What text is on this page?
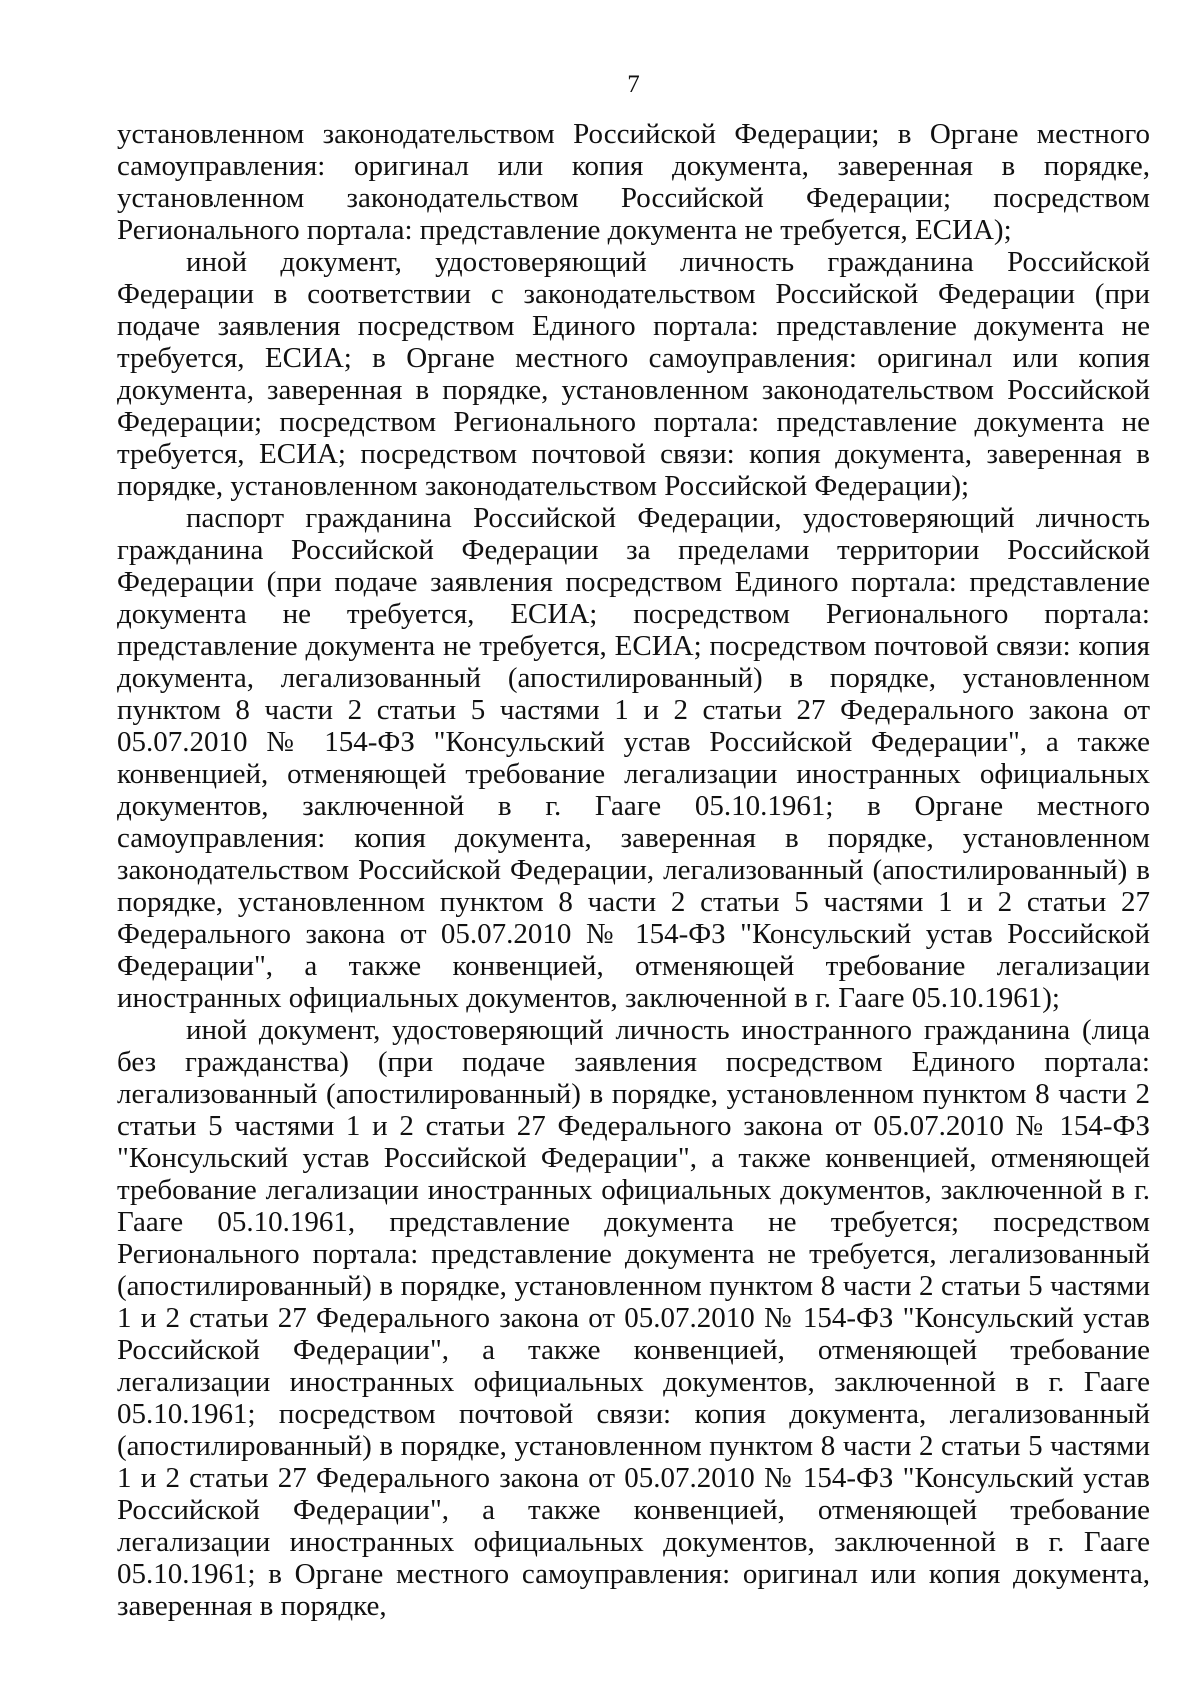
7

установленном законодательством Российской Федерации; в Органе местного самоуправления: оригинал или копия документа, заверенная в порядке, установленном законодательством Российской Федерации; посредством Регионального портала: представление документа не требуется, ЕСИА);

иной документ, удостоверяющий личность гражданина Российской Федерации в соответствии с законодательством Российской Федерации (при подаче заявления посредством Единого портала: представление документа не требуется, ЕСИА; в Органе местного самоуправления: оригинал или копия документа, заверенная в порядке, установленном законодательством Российской Федерации; посредством Регионального портала: представление документа не требуется, ЕСИА; посредством почтовой связи: копия документа, заверенная в порядке, установленном законодательством Российской Федерации);

паспорт гражданина Российской Федерации, удостоверяющий личность гражданина Российской Федерации за пределами территории Российской Федерации (при подаче заявления посредством Единого портала: представление документа не требуется, ЕСИА; посредством Регионального портала: представление документа не требуется, ЕСИА; посредством почтовой связи: копия документа, легализованный (апостилированный) в порядке, установленном пунктом 8 части 2 статьи 5 частями 1 и 2 статьи 27 Федерального закона от 05.07.2010 № 154-ФЗ "Консульский устав Российской Федерации", а также конвенцией, отменяющей требование легализации иностранных официальных документов, заключенной в г. Гааге 05.10.1961; в Органе местного самоуправления: копия документа, заверенная в порядке, установленном законодательством Российской Федерации, легализованный (апостилированный) в порядке, установленном пунктом 8 части 2 статьи 5 частями 1 и 2 статьи 27 Федерального закона от 05.07.2010 № 154-ФЗ "Консульский устав Российской Федерации", а также конвенцией, отменяющей требование легализации иностранных официальных документов, заключенной в г. Гааге 05.10.1961);

иной документ, удостоверяющий личность иностранного гражданина (лица без гражданства) (при подаче заявления посредством Единого портала: легализованный (апостилированный) в порядке, установленном пунктом 8 части 2 статьи 5 частями 1 и 2 статьи 27 Федерального закона от 05.07.2010 № 154-ФЗ "Консульский устав Российской Федерации", а также конвенцией, отменяющей требование легализации иностранных официальных документов, заключенной в г. Гааге 05.10.1961, представление документа не требуется; посредством Регионального портала: представление документа не требуется, легализованный (апостилированный) в порядке, установленном пунктом 8 части 2 статьи 5 частями 1 и 2 статьи 27 Федерального закона от 05.07.2010 № 154-ФЗ "Консульский устав Российской Федерации", а также конвенцией, отменяющей требование легализации иностранных официальных документов, заключенной в г. Гааге 05.10.1961; посредством почтовой связи: копия документа, легализованный (апостилированный) в порядке, установленном пунктом 8 части 2 статьи 5 частями 1 и 2 статьи 27 Федерального закона от 05.07.2010 № 154-ФЗ "Консульский устав Российской Федерации", а также конвенцией, отменяющей требование легализации иностранных официальных документов, заключенной в г. Гааге 05.10.1961; в Органе местного самоуправления: оригинал или копия документа, заверенная в порядке,
